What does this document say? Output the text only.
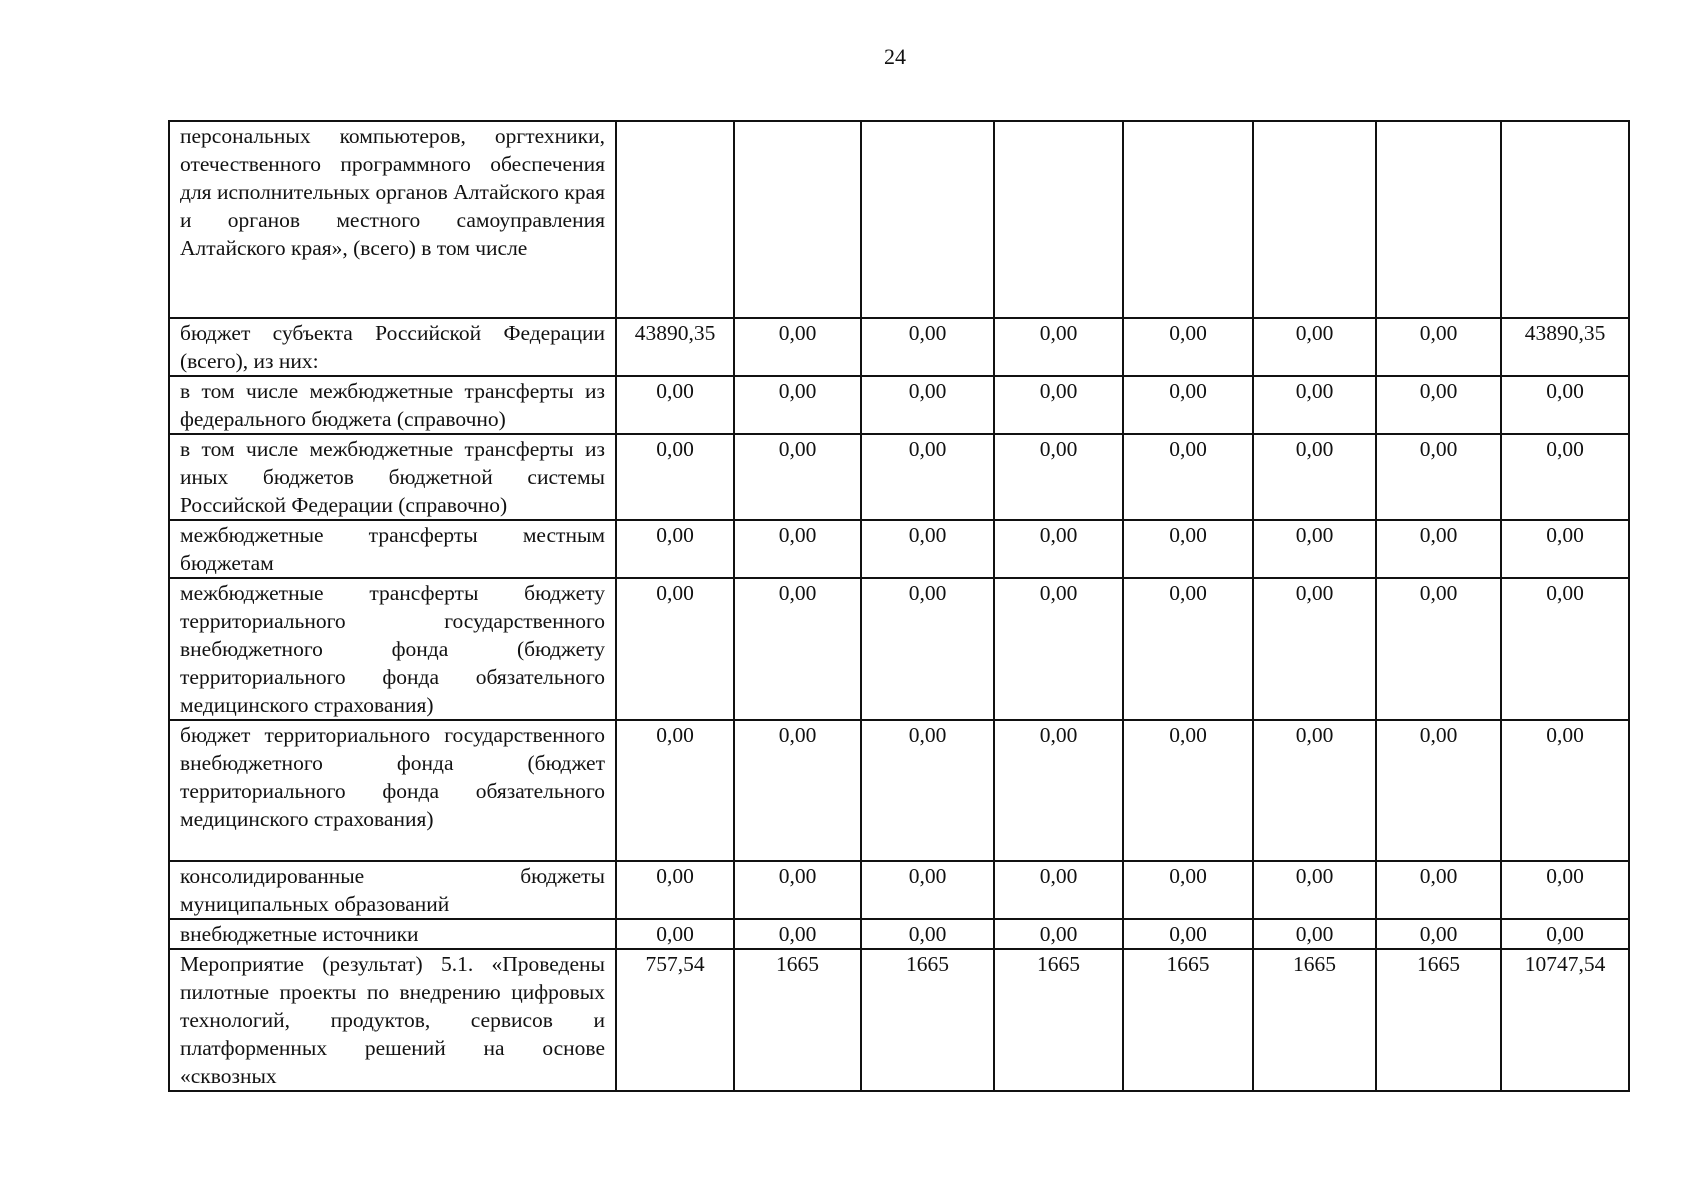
24
персональных компьютеров, оргтехники, отечественного программного обеспечения для исполнительных органов Алтайского края и органов местного самоуправления Алтайского края», (всего) в том числе								
бюджет субъекта Российской Федерации (всего), из них:	43890,35	0,00	0,00	0,00	0,00	0,00	0,00	43890,35
в том числе межбюджетные трансферты из федерального бюджета (справочно)	0,00	0,00	0,00	0,00	0,00	0,00	0,00	0,00
в том числе межбюджетные трансферты из иных бюджетов бюджетной системы Российской Федерации (справочно)	0,00	0,00	0,00	0,00	0,00	0,00	0,00	0,00
межбюджетные трансферты местным бюджетам	0,00	0,00	0,00	0,00	0,00	0,00	0,00	0,00
межбюджетные трансферты бюджету территориального государственного внебюджетного фонда (бюджету территориального фонда обязательного медицинского страхования)	0,00	0,00	0,00	0,00	0,00	0,00	0,00	0,00
бюджет территориального государственного внебюджетного фонда (бюджет территориального фонда обязательного медицинского страхования)	0,00	0,00	0,00	0,00	0,00	0,00	0,00	0,00
консолидированные бюджеты муниципальных образований	0,00	0,00	0,00	0,00	0,00	0,00	0,00	0,00
внебюджетные источники	0,00	0,00	0,00	0,00	0,00	0,00	0,00	0,00
Мероприятие (результат) 5.1. «Проведены пилотные проекты по внедрению цифровых технологий, продуктов, сервисов и платформенных решений на основе «сквозных	757,54	1665	1665	1665	1665	1665	1665	10747,54
